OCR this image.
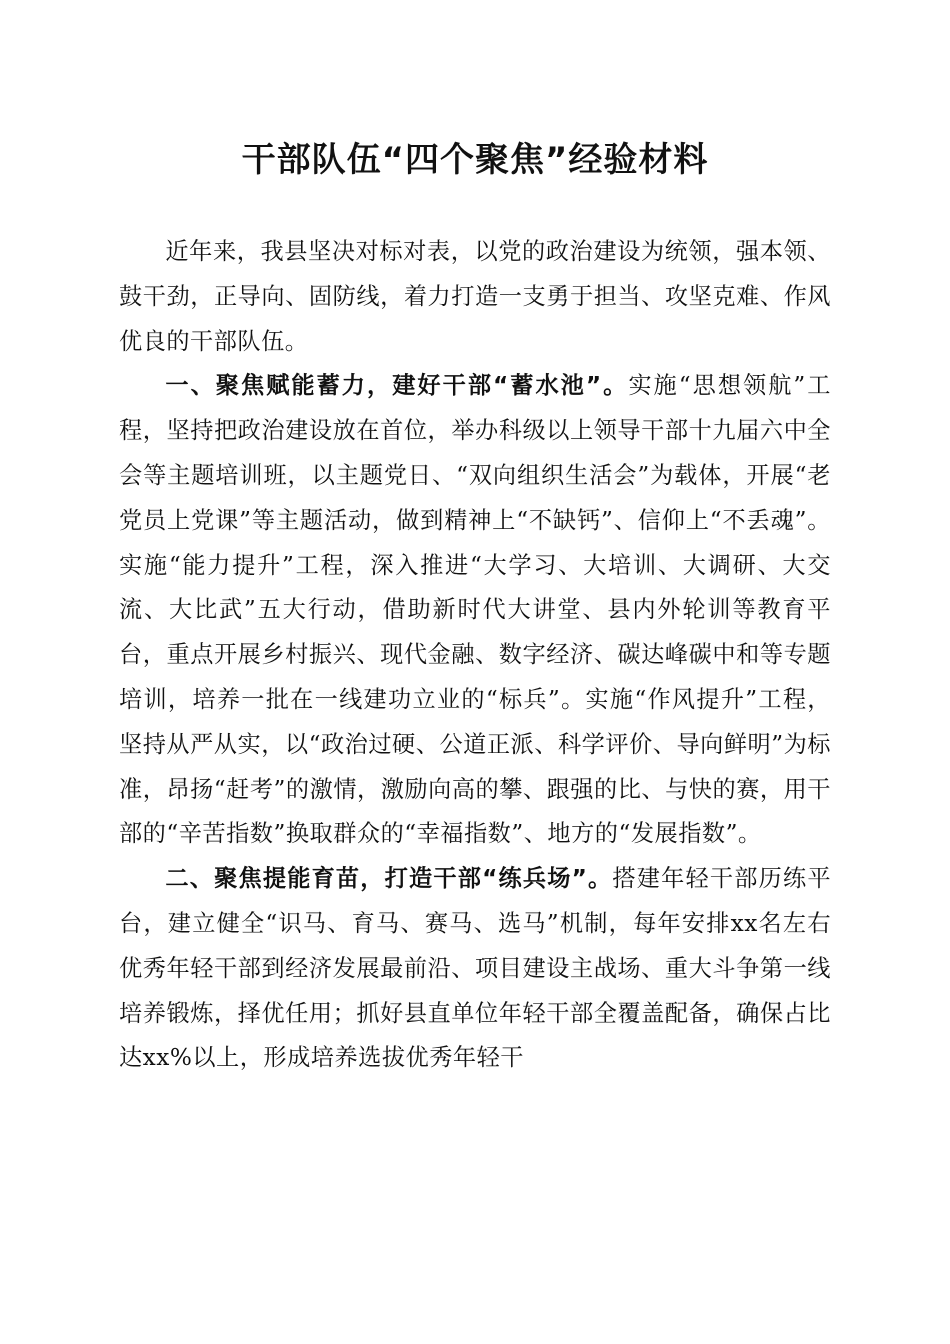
干部队伍“四个聚焦”经验材料

近年来，我县坚决对标对表，以党的政治建设为统领，强本领、鼓干劲，正导向、固防线，着力打造一支勇于担当、攻坚克难、作风优良的干部队伍。

一、聚焦赋能蓄力，建好干部“蓄水池”。实施“思想领航”工程，坚持把政治建设放在首位，举办科级以上领导干部十九届六中全会等主题培训班，以主题党日、“双向组织生活会”为载体，开展“老党员上党课”等主题活动，做到精神上“不缺钙”、信仰上“不丢魂”。实施“能力提升”工程，深入推进“大学习、大培训、大调研、大交流、大比武”五大行动，借助新时代大讲堂、县内外轮训等教育平台，重点开展乡村振兴、现代金融、数字经济、碳达峰碳中和等专题培训，培养一批在一线建功立业的“标兵”。实施“作风提升”工程，坚持从严从实，以“政治过硬、公道正派、科学评价、导向鲜明”为标准，昂扬“赶考”的激情，激励向高的攀、跟强的比、与快的赛，用干部的“辛苦指数”换取群众的“幸福指数”、地方的“发展指数”。

二、聚焦提能育苗，打造干部“练兵场”。搭建年轻干部历练平台，建立健全“识马、育马、赛马、选马”机制，每年安排xx名左右优秀年轻干部到经济发展最前沿、项目建设主战场、重大斗争第一线培养锻炼，择优任用；抓好县直单位年轻干部全覆盖配备，确保占比达xx%以上，形成培养选拔优秀年轻干
